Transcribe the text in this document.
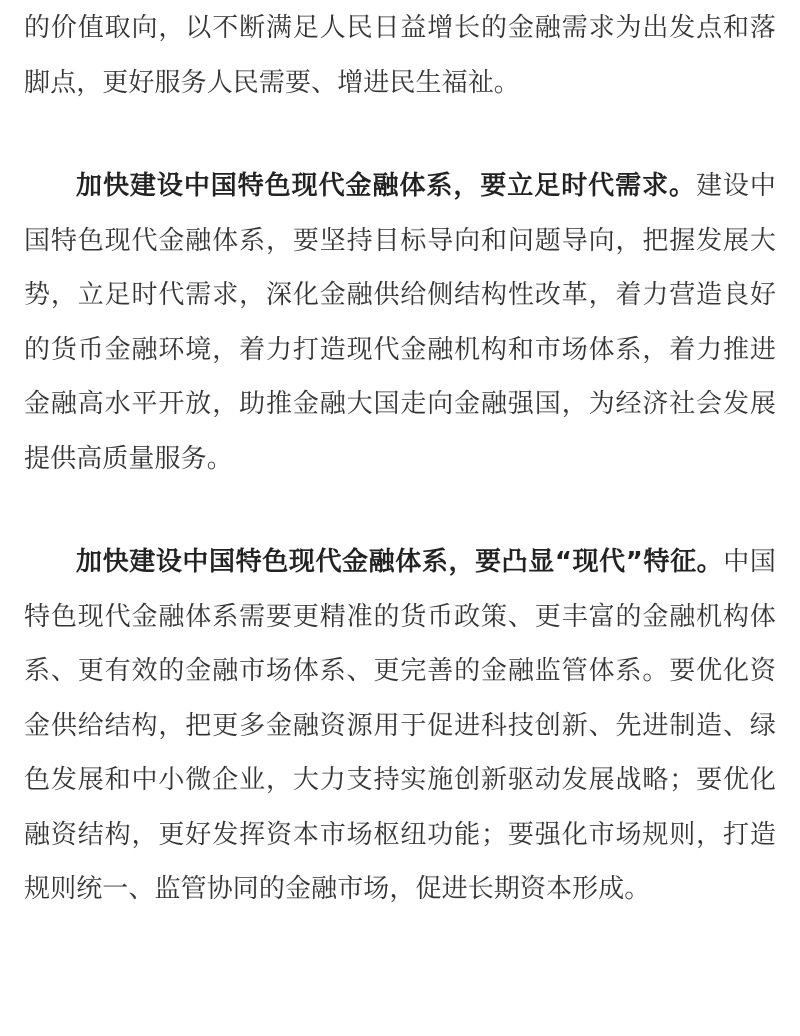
的价值取向，以不断满足人民日益增长的金融需求为出发点和落脚点，更好服务人民需要、增进民生福祉。

加快建设中国特色现代金融体系，要立足时代需求。建设中国特色现代金融体系，要坚持目标导向和问题导向，把握发展大势，立足时代需求，深化金融供给侧结构性改革，着力营造良好的货币金融环境，着力打造现代金融机构和市场体系，着力推进金融高水平开放，助推金融大国走向金融强国，为经济社会发展提供高质量服务。

加快建设中国特色现代金融体系，要凸显“现代”特征。中国特色现代金融体系需要更精准的货币政策、更丰富的金融机构体系、更有效的金融市场体系、更完善的金融监管体系。要优化资金供给结构，把更多金融资源用于促进科技创新、先进制造、绿色发展和中小微企业，大力支持实施创新驱动发展战略；要优化融资结构，更好发挥资本市场枢纽功能；要强化市场规则，打造规则统一、监管协同的金融市场，促进长期资本形成。
